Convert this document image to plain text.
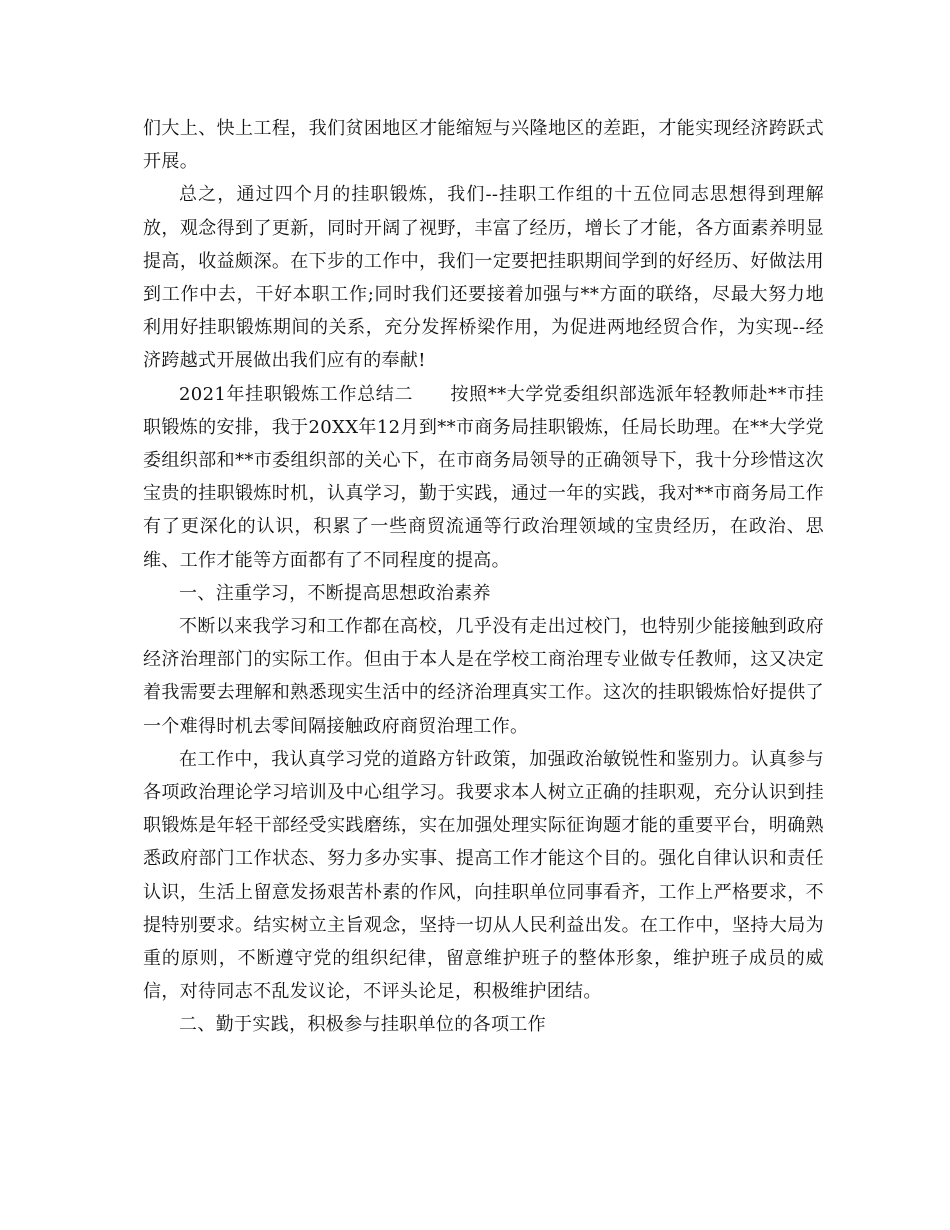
们大上、快上工程，我们贫困地区才能缩短与兴隆地区的差距，才能实现经济跨跃式开展。

总之，通过四个月的挂职锻炼，我们--挂职工作组的十五位同志思想得到理解放，观念得到了更新，同时开阔了视野，丰富了经历，增长了才能，各方面素养明显提高，收益颇深。在下步的工作中，我们一定要把挂职期间学到的好经历、好做法用到工作中去，干好本职工作;同时我们还要接着加强与**方面的联络，尽最大努力地利用好挂职锻炼期间的关系，充分发挥桥梁作用，为促进两地经贸合作，为实现--经济跨越式开展做出我们应有的奉献!

2021年挂职锻炼工作总结二　　按照**大学党委组织部选派年轻教师赴**市挂职锻炼的安排，我于20XX年12月到**市商务局挂职锻炼，任局长助理。在**大学党委组织部和**市委组织部的关心下，在市商务局领导的正确领导下，我十分珍惜这次宝贵的挂职锻炼时机，认真学习，勤于实践，通过一年的实践，我对**市商务局工作有了更深化的认识，积累了一些商贸流通等行政治理领域的宝贵经历，在政治、思维、工作才能等方面都有了不同程度的提高。

一、注重学习，不断提高思想政治素养

不断以来我学习和工作都在高校，几乎没有走出过校门，也特别少能接触到政府经济治理部门的实际工作。但由于本人是在学校工商治理专业做专任教师，这又决定着我需要去理解和熟悉现实生活中的经济治理真实工作。这次的挂职锻炼恰好提供了一个难得时机去零间隔接触政府商贸治理工作。

在工作中，我认真学习党的道路方针政策，加强政治敏锐性和鉴别力。认真参与各项政治理论学习培训及中心组学习。我要求本人树立正确的挂职观，充分认识到挂职锻炼是年轻干部经受实践磨练，实在加强处理实际征询题才能的重要平台，明确熟悉政府部门工作状态、努力多办实事、提高工作才能这个目的。强化自律认识和责任认识，生活上留意发扬艰苦朴素的作风，向挂职单位同事看齐，工作上严格要求，不提特别要求。结实树立主旨观念，坚持一切从人民利益出发。在工作中，坚持大局为重的原则，不断遵守党的组织纪律，留意维护班子的整体形象，维护班子成员的威信，对待同志不乱发议论，不评头论足，积极维护团结。

二、勤于实践，积极参与挂职单位的各项工作
